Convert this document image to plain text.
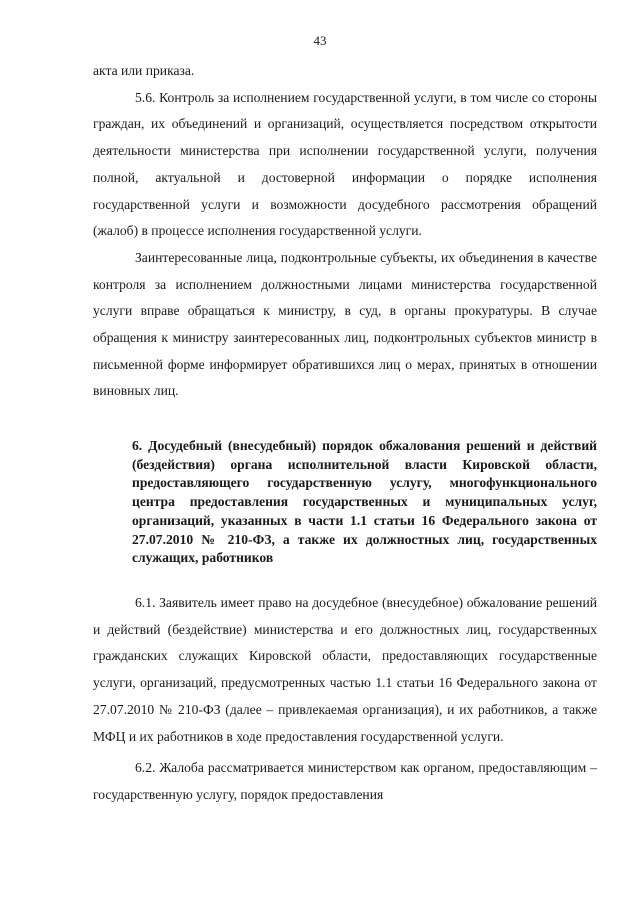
43
акта или приказа.
5.6. Контроль за исполнением государственной услуги, в том числе со стороны граждан, их объединений и организаций, осуществляется посредством открытости деятельности министерства при исполнении государственной услуги, получения полной, актуальной и достоверной информации о порядке исполнения государственной услуги и возможности досудебного рассмотрения обращений (жалоб) в процессе исполнения государственной услуги.
Заинтересованные лица, подконтрольные субъекты, их объединения в качестве контроля за исполнением должностными лицами министерства государственной услуги вправе обращаться к министру, в суд, в органы прокуратуры. В случае обращения к министру заинтересованных лиц, подконтрольных субъектов министр в письменной форме информирует обратившихся лиц о мерах, принятых в отношении виновных лиц.
6. Досудебный (внесудебный) порядок обжалования решений и действий (бездействия) органа исполнительной власти Кировской области, предоставляющего государственную услугу, многофункционального центра предоставления государственных и муниципальных услуг, организаций, указанных в части 1.1 статьи 16 Федерального закона от 27.07.2010 № 210-ФЗ, а также их должностных лиц, государственных служащих, работников
6.1. Заявитель имеет право на досудебное (внесудебное) обжалование решений и действий (бездействие) министерства и его должностных лиц, государственных гражданских служащих Кировской области, предоставляющих государственные услуги, организаций, предусмотренных частью 1.1 статьи 16 Федерального закона от 27.07.2010 № 210-ФЗ (далее – привлекаемая организация), и их работников, а также МФЦ и их работников в ходе предоставления государственной услуги.
6.2. Жалоба рассматривается министерством как органом, предоставляющим – государственную услугу, порядок предоставления
